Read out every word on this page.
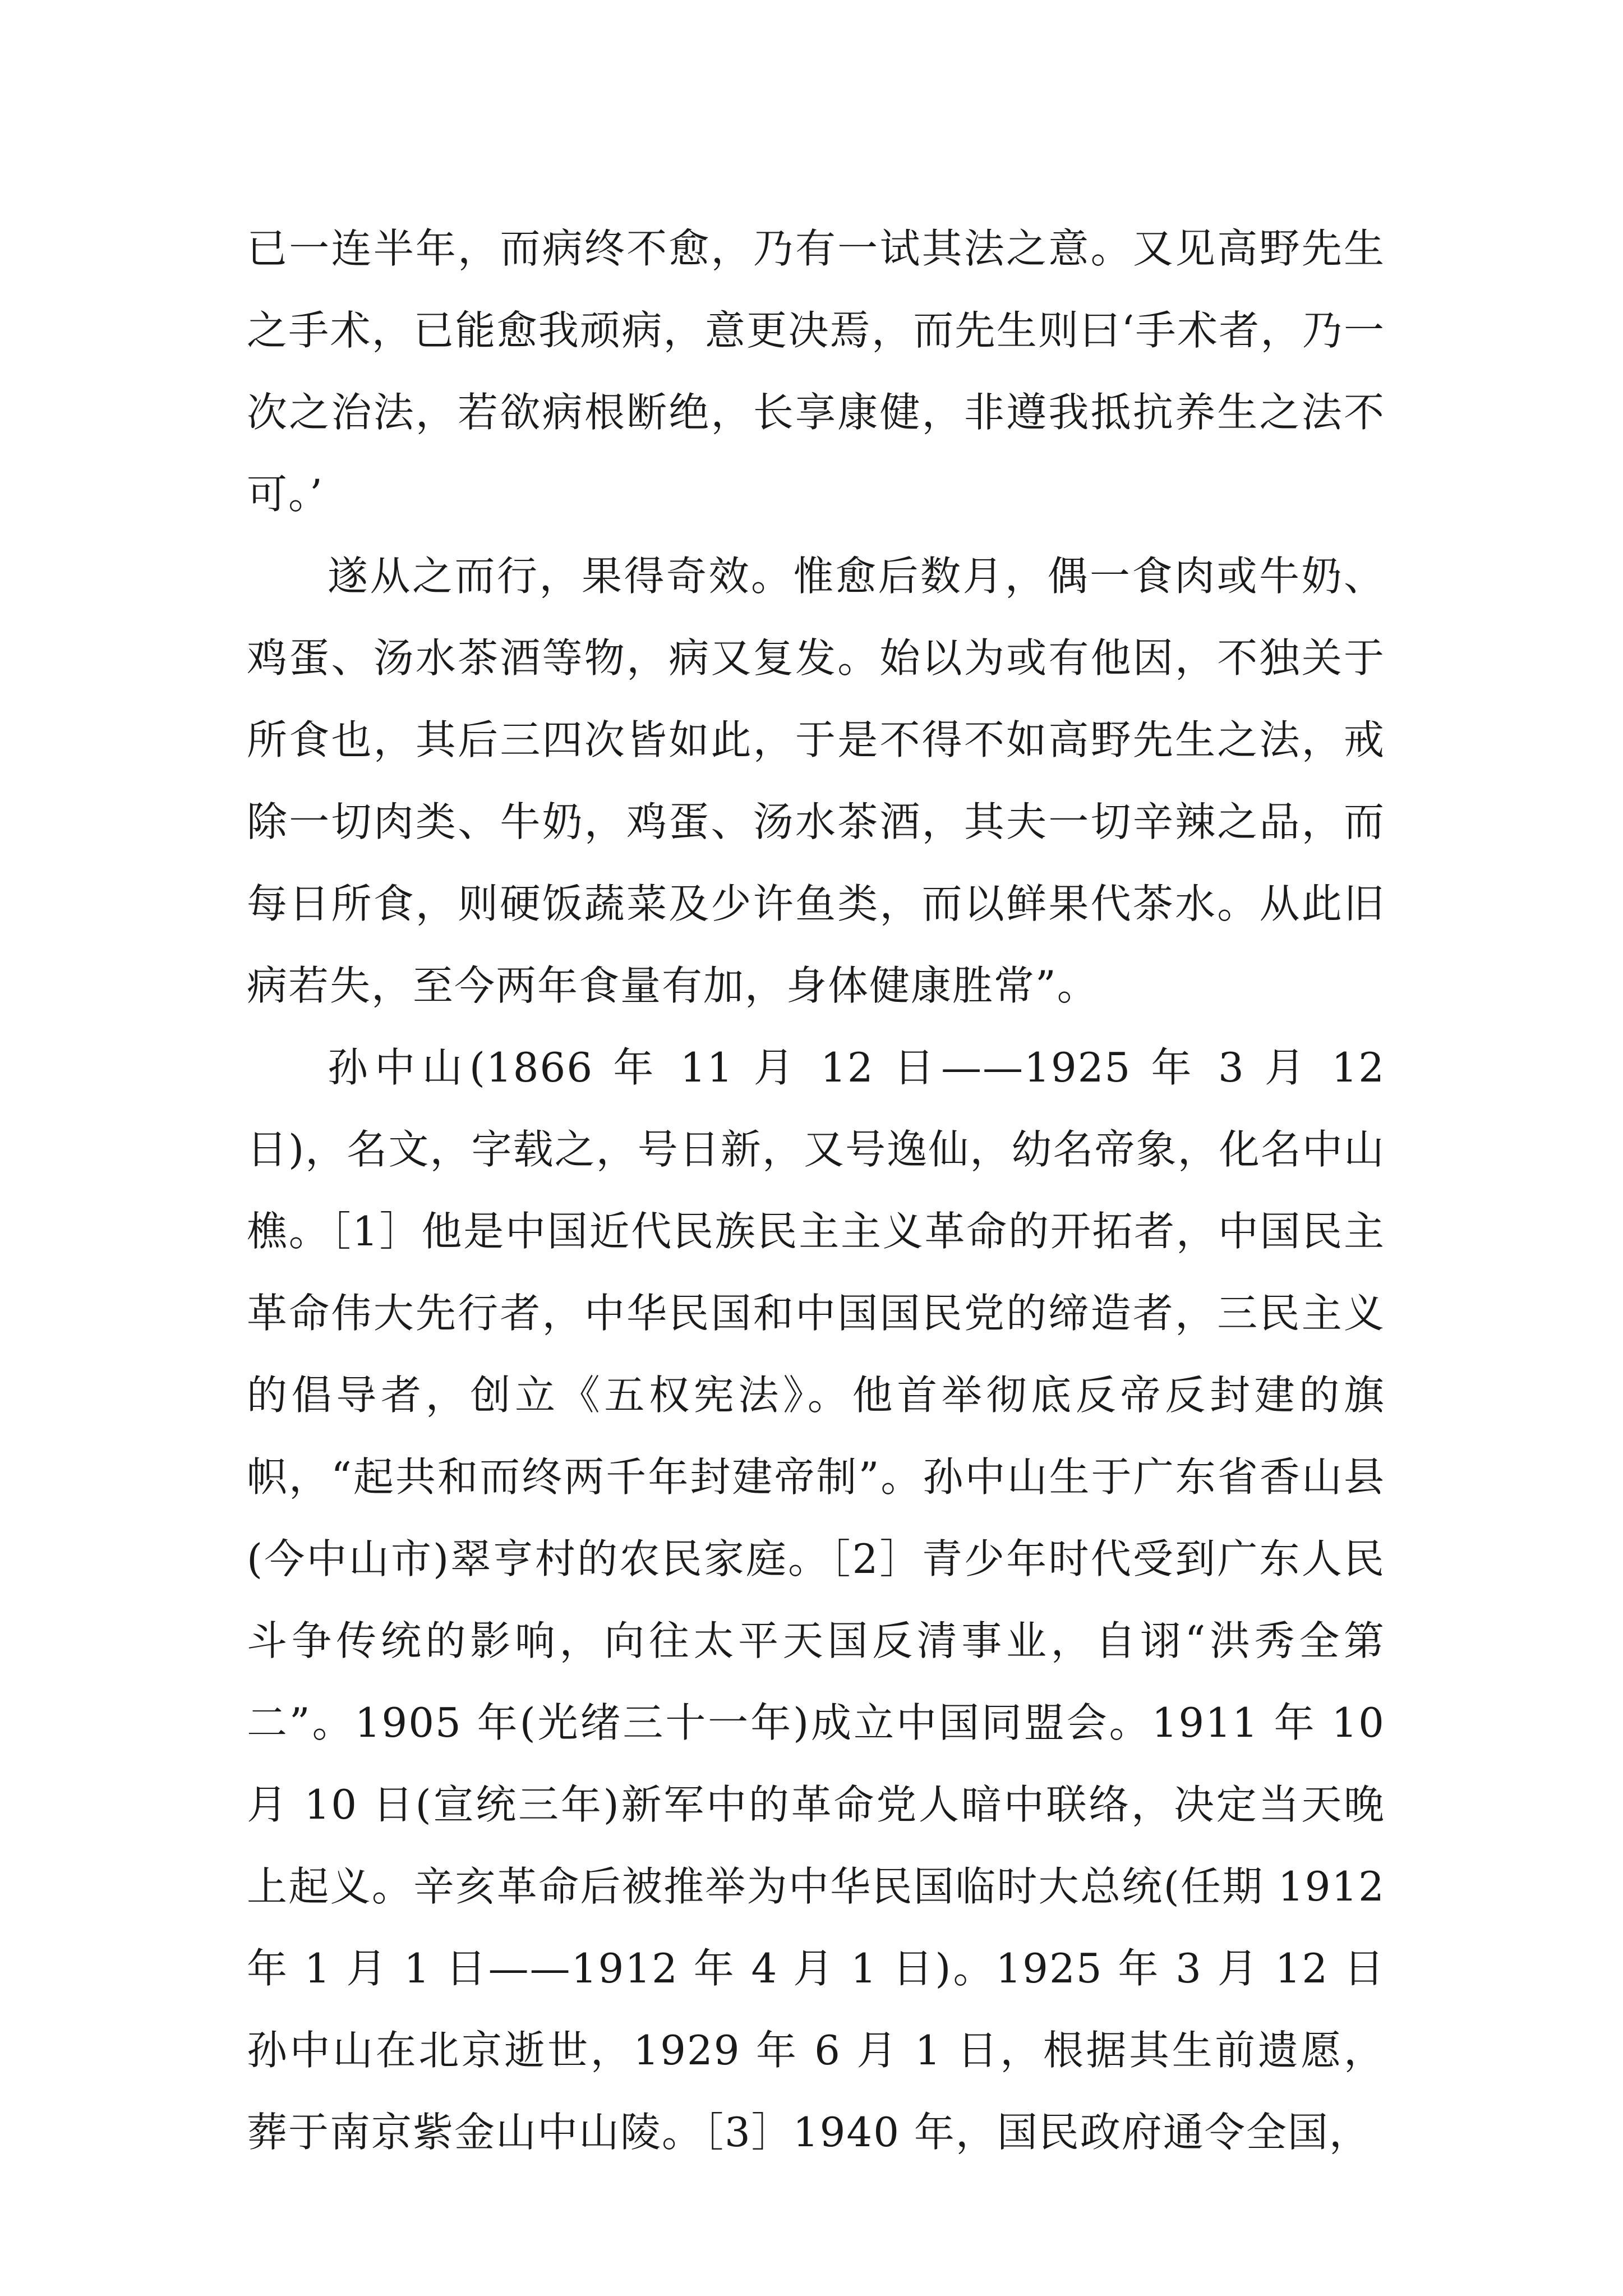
已一连半年，而病终不愈，乃有一试其法之意。又见高野先生之手术，已能愈我顽病，意更决焉，而先生则曰‘手术者，乃一次之治法，若欲病根断绝，长享康健，非遵我抵抗养生之法不可。’

遂从之而行，果得奇效。惟愈后数月，偶一食肉或牛奶、鸡蛋、汤水茶酒等物，病又复发。始以为或有他因，不独关于所食也，其后三四次皆如此，于是不得不如高野先生之法，戒除一切肉类、牛奶，鸡蛋、汤水茶酒，其夫一切辛辣之品，而每日所食，则硬饭蔬菜及少许鱼类，而以鲜果代茶水。从此旧病若失，至今两年食量有加，身体健康胜常”。

孙中山(1866 年 11 月 12 日——1925 年 3 月 12 日)，名文，字载之，号日新，又号逸仙，幼名帝象，化名中山樵。［1］他是中国近代民族民主主义革命的开拓者，中国民主革命伟大先行者，中华民国和中国国民党的缔造者，三民主义的倡导者，创立《五权宪法》。他首举彻底反帝反封建的旗帜，“起共和而终两千年封建帝制”。孙中山生于广东省香山县(今中山市)翠亨村的农民家庭。［2］青少年时代受到广东人民斗争传统的影响，向往太平天国反清事业，自诩“洪秀全第二”。1905 年(光绪三十一年)成立中国同盟会。1911 年 10 月 10 日(宣统三年)新军中的革命党人暗中联络，决定当天晚上起义。辛亥革命后被推举为中华民国临时大总统(任期 1912 年 1 月 1 日——1912 年 4 月 1 日)。1925 年 3 月 12 日孙中山在北京逝世，1929 年 6 月 1 日，根据其生前遗愿，葬于南京紫金山中山陵。［3］1940 年，国民政府通令全国，
